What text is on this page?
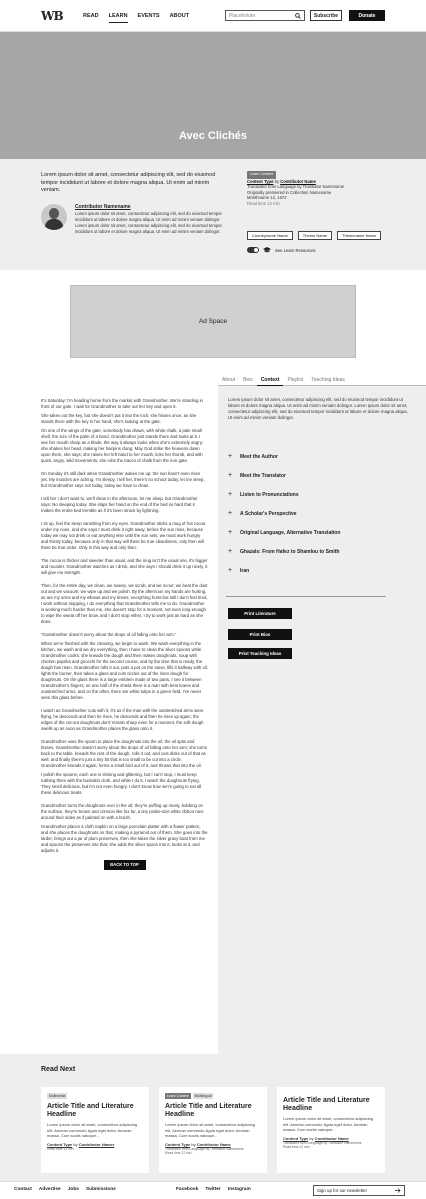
WB	READ LEARN EVENTS ABOUT	Placeholder	Subscribe	Donate
Avec Clichés
Lorem ipsum dolor sit amet, consectetur adipiscing elit, sed do eiusmod tempor incididunt ut labore et dolore magna aliqua. Ut enim ad minim veniam.
Contributor Namename
Lorem ipsum dolor sit amet, consectetur adipiscing elit, sed do eiusmod tempor incididunt ut labore et dolore magna aliqua. Ut enim ad minim veniam dolingor. Lorem ipsum dolor sit amet, consectetur adipiscing elit, sed do eiusmod tempor incididunt ut labore et dolore magna aliqua. Ut enim ad minim veniam dolingor.
Learn Content
Content Type by Contributor Name
Translated from Language by Translator Namename
Originally premiered in Collection Namename
Monthname 12, 1672
Read time 12 min.
Countryname Name	Theme Name	Themename Name
See Learn Resources
Ad Space

It's Saturday; I'm heading home from the market with Grandmother. We're standing in front of our gate. I wait for Grandmother to take out her key and open it.

She takes out the key, but she doesn't put it into the lock; she hisses once, as she stands there with the key in her hand; she's looking at the gate.

On one of the wings of the gate, somebody has drawn, with white chalk, a pale small shell, the size of the palm of a hand. Grandmother just stands there and looks at it. I see her mouth sharp as a blade, the way it always looks when she's extremely angry; she shakes her head, making her hairpins clang. May God strike the heavens down upon them, she says; she raises her left hand to her mouth, licks her thumb, and with quick, angry, wild movements, she rubs the traces of chalk from the iron gate.

On Sunday it's still dark when Grandmother wakes me up; the sun hasn't even risen yet. My muscles are aching, I'm sleepy, I tell her, there's no school today, let me sleep, but Grandmother says not today, today we have to clean.

I tell her I don't want to, we'll clean in the afternoon, let me sleep, but Grandmother says: No sleeping today. She slaps her hand on the end of the bed so hard that it makes the entire bed tremble as if it's been struck by lightning.

I sit up, feel the sleep vanishing from my eyes. Grandmother sticks a mug of hot cocoa under my nose, and she says I must drink it right away, before the sun rises, because today we may not drink or eat anything else until the sun sets; we must work hungry and thirsty today, because only in that way will there be true cleanliness, only then will there be true order. Only in this way and only then.

The cocoa is thicker and sweeter than usual, and the mug isn't the usual one, it's bigger and rounder. Grandmother watches as I drink, and she says I should drink it up nicely, it will give me strength.

Then, for the entire day, we clean, we sweep, we scrub, and we scour; we beat the dust out and we vacuum; we wipe up and we polish. By the afternoon my hands are hurting, as are my arms and my elbows and my knees; everything hurts but still I don't feel tired, I work without stopping, I do everything that Grandmother tells me to do. Grandmother is working much harder than me, she doesn't stop for a moment, not even long enough to wipe the sweat off her brow, and I don't stop either, I try to work just as hard as she does.

“Grandmother doesn't worry about the drops of oil falling onto her arm.”

When we're finished with the cleaning, we begin to wash. We wash everything in the kitchen, we wash and we dry everything, then I have to clean the silver spoons while Grandmother cooks; she kneads the dough and then makes doughnuts, soup with chicken paprika and gnocchi for the second course, and by the time that is ready, the dough has risen. Grandmother rolls it out, puts a pot on the stove, fills it halfway with oil, lights the burner, then takes a glass and cuts circles out of the risen dough for doughnuts. On the glass there is a large emblem made of two parts, I see it between Grandmother's fingers; on one half of the shield there is a man with bent knees and outstretched arms, and on the other, there are white tulips in a green field. I've never seen this glass before.

I watch as Grandmother cuts with it; it's as if the man with the outstretched arms were flying, he descends and then he rises, he descends and then he rises up again; the edges of the cut-out doughnuts don't remain sharp even for a moment, the soft dough swells up as soon as Grandmother places the glass onto it.

Grandmother uses the spoon to place the doughnuts into the oil; the oil spits and hisses. Grandmother doesn't worry about the drops of oil falling onto her arm; she turns back to the table, kneads the rest of the dough, rolls it out, and cuts disks out of that as well, and finally there's just a tiny bit that is too small to be cut into a circle. Grandmother kneads it again, forms a small bird out of it, and throws that into the oil.

I polish the spoons; each one is shining and glittering, but I can't stop, I must keep rubbing them with the buckskin cloth, and while I do it, I watch the doughnuts frying. They smell delicious, but I'm not even hungry. I don't know how we're going to eat all these delicious treats.

Grandmother turns the doughnuts over in the oil; they're puffing up nicely, bobbing on the surface, they're brown and crimson like fox fur, a tiny pinkie-size white ribbon runs around their sides as if painted on with a brush.

Grandmother places a cloth napkin on a large porcelain platter with a flower pattern, and she places the doughnuts on that, making a pyramid out of them. She goes into the larder, brings out a jar of plum preserves, then she takes the silver gravy boat from me and spoons the preserves into that; she adds the silver spoon into it, looks at it, and adjusts it.

BACK TO TOP
About	Bios	Context	Playlist	Teaching Ideas
Lorem ipsum dolor sit amet, consectetur adipiscing elit, sed do eiusmod tempor incididunt ut labore et dolore magna aliqua. Ut enim ad minim veniam dolingor. Lorem ipsum dolor sit amet, consectetur adipiscing elit, sed do eiusmod tempor incididunt ut labore et dolore magna aliqua. Ut enim ad minim veniam dolingor.
+	Meet the Author
+	Meet the Translator
+	Listen to Pronunciations
+	A Scholar's Perspective
+	Original Language, Alternative Translation
+	Ghazals: From Hafez to Shamlou to Smith
+	Iran
Print Literature
Print Bios
Print Teaching Ideas
Read Next
Multimedia
Article Title and Literature Headline
Lorem ipsum dolor sit amet, consectetur adipiscing elit. Aenean commodo ligula eget dolor. Aenean massa. Cum sociis natoque...
Content Type by Contributor Namer
Read time 12 min.
Learn Content	Multilingual
Article Title and Literature Headline
Lorem ipsum dolor sit amet, consectetur adipiscing elit. Aenean commodo ligula eget dolor. Aenean massa. Cum sociis natoque...
Content Type by Contributor Name
Translated from Language by Translator Namename
Read time 12 min.
Article Title and Literature Headline
Lorem ipsum dolor sit amet, consectetur adipiscing elit. Aenean commodo ligula eget dolor. Aenean massa. Cum sociis natoque...
Content Type by Contributor Name
Translated from Language by Translator Namename
Read time 12 min.
Contact Advertise Jobs Submissions	Facebook Twitter Instagram	Sign up for our newsletter
